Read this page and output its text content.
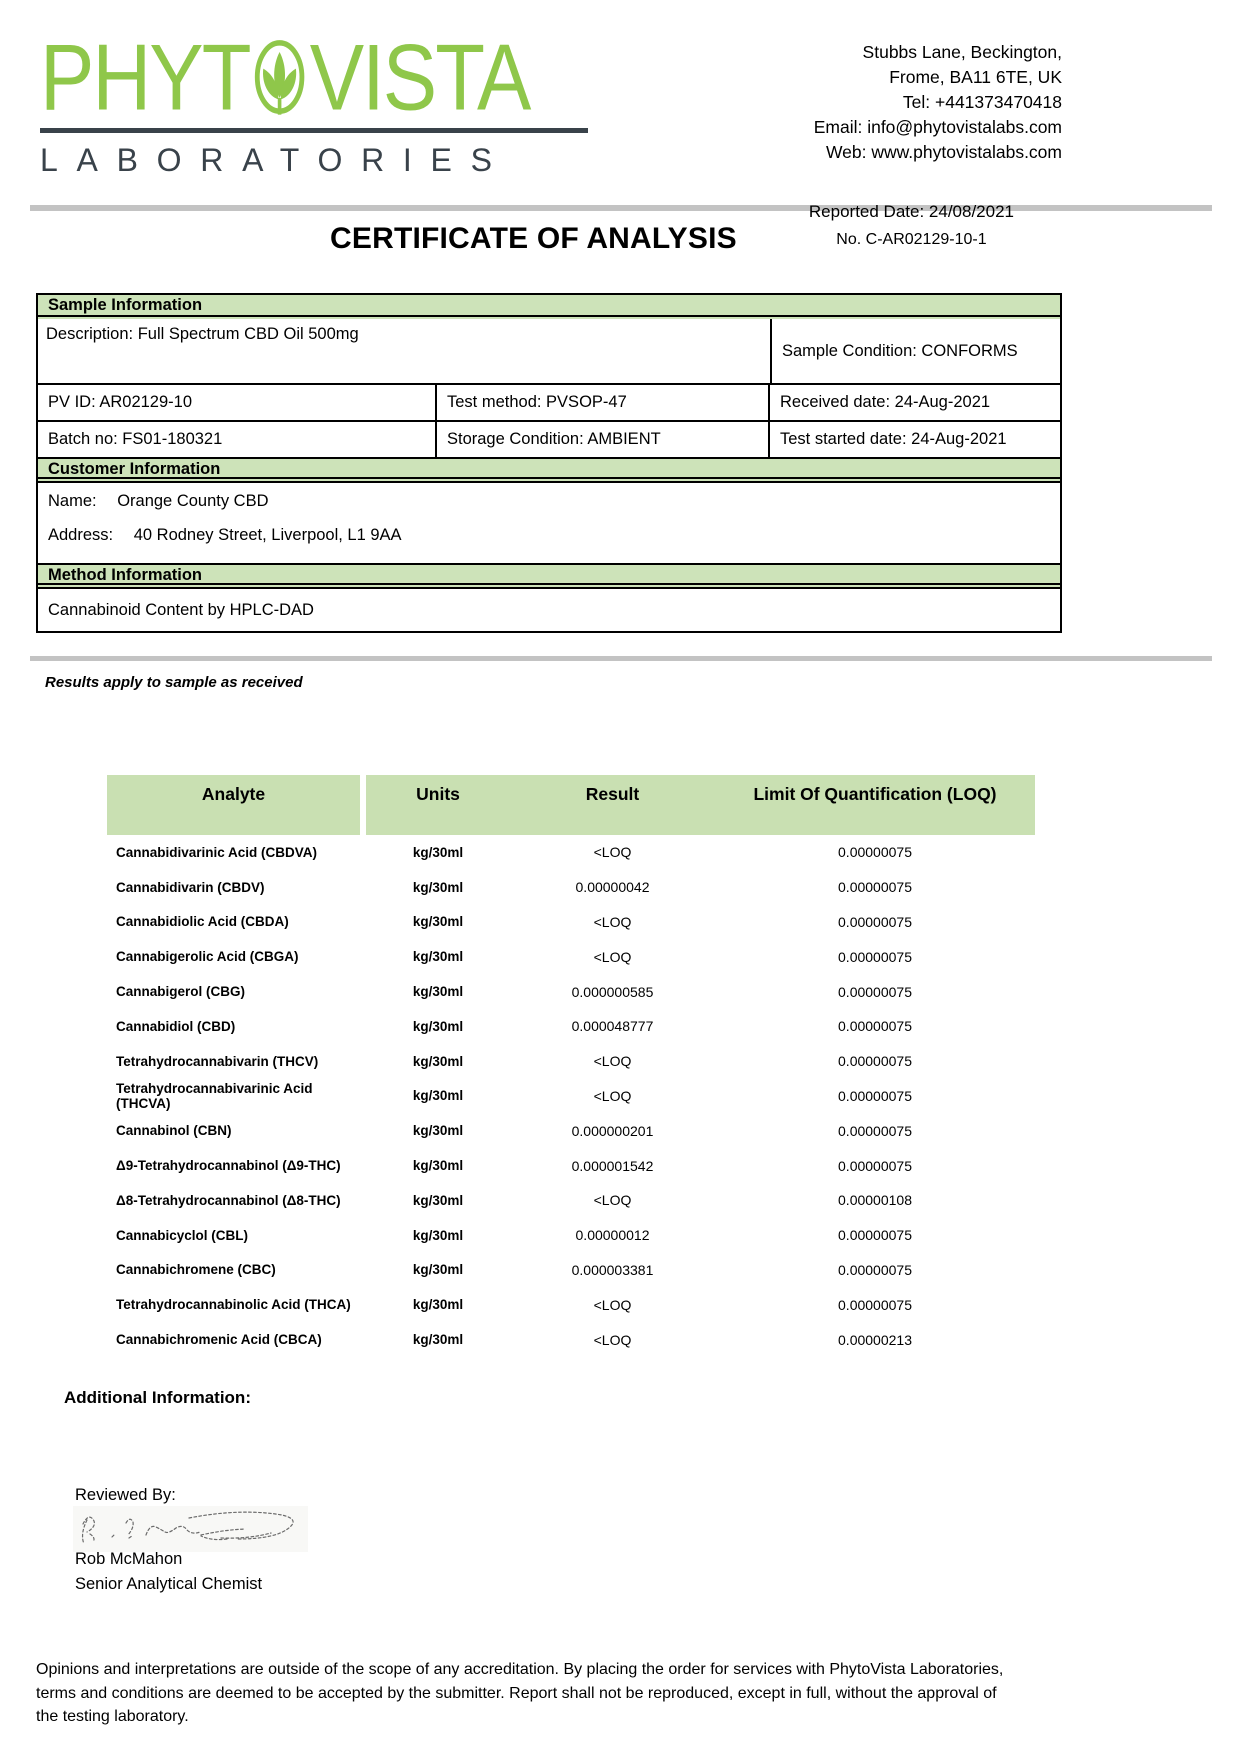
PHYT VISTA
LABORATORIES
Stubbs Lane, Beckington,
Frome, BA11 6TE, UK
Tel: +441373470418
Email: info@phytovistalabs.com
Web: www.phytovistalabs.com
CERTIFICATE OF ANALYSIS
Reported Date: 24/08/2021
No. C-AR02129-10-1
Sample Information
Description: Full Spectrum CBD Oil 500mg
Sample Condition: CONFORMS
PV ID: AR02129-10	Test method: PVSOP-47	Received date: 24-Aug-2021
Batch no: FS01-180321	Storage Condition: AMBIENT	Test started date: 24-Aug-2021
Customer Information
Name: Orange County CBD
Address: 40 Rodney Street, Liverpool, L1 9AA
Method Information
Cannabinoid Content by HPLC-DAD

Results apply to sample as received

Analyte	Units	Result	Limit Of Quantification (LOQ)
Cannabidivarinic Acid (CBDVA)	kg/30ml	<LOQ	0.00000075
Cannabidivarin (CBDV)	kg/30ml	0.00000042	0.00000075
Cannabidiolic Acid (CBDA)	kg/30ml	<LOQ	0.00000075
Cannabigerolic Acid (CBGA)	kg/30ml	<LOQ	0.00000075
Cannabigerol (CBG)	kg/30ml	0.000000585	0.00000075
Cannabidiol (CBD)	kg/30ml	0.000048777	0.00000075
Tetrahydrocannabivarin (THCV)	kg/30ml	<LOQ	0.00000075
Tetrahydrocannabivarinic Acid (THCVA)	kg/30ml	<LOQ	0.00000075
Cannabinol (CBN)	kg/30ml	0.000000201	0.00000075
Δ9-Tetrahydrocannabinol (Δ9-THC)	kg/30ml	0.000001542	0.00000075
Δ8-Tetrahydrocannabinol (Δ8-THC)	kg/30ml	<LOQ	0.00000108
Cannabicyclol (CBL)	kg/30ml	0.00000012	0.00000075
Cannabichromene (CBC)	kg/30ml	0.000003381	0.00000075
Tetrahydrocannabinolic Acid (THCA)	kg/30ml	<LOQ	0.00000075
Cannabichromenic Acid (CBCA)	kg/30ml	<LOQ	0.00000213
Additional Information:
Reviewed By:
Rob McMahon
Senior Analytical Chemist
Opinions and interpretations are outside of the scope of any accreditation. By placing the order for services with PhytoVista Laboratories,
terms and conditions are deemed to be accepted by the submitter. Report shall not be reproduced, except in full, without the approval of
the testing laboratory.
